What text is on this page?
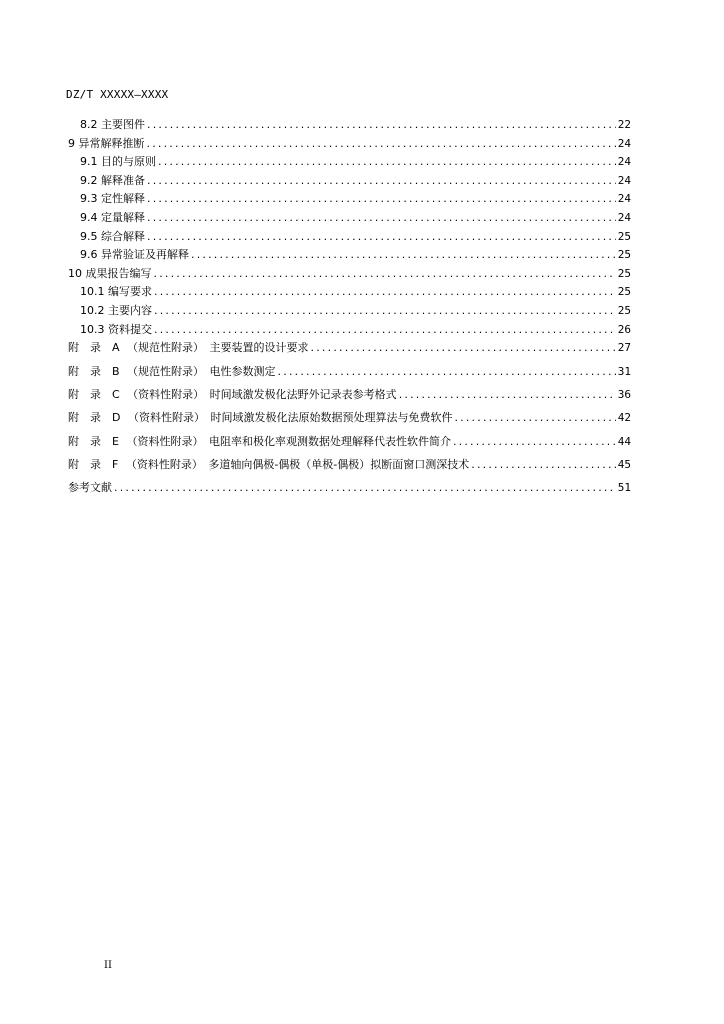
DZ/T XXXXX—XXXX
8.2 主要图件 .....	22
9 异常解释推断 .....	24
9.1 目的与原则 .....	24
9.2 解释准备 .....	24
9.3 定性解释 .....	24
9.4 定量解释 .....	24
9.5 综合解释 .....	25
9.6 异常验证及再解释 .....	25
10 成果报告编写 .....	25
10.1 编写要求 .....	25
10.2 主要内容 .....	25
10.3 资料提交 .....	26
附　录　A （规范性附录）　主要装置的设计要求 .....	27
附　录　B （规范性附录）　电性参数测定 .....	31
附　录　C （资料性附录）　时间域激发极化法野外记录表参考格式 .....	36
附　录　D （资料性附录）　时间域激发极化法原始数据预处理算法与免费软件 .....	42
附　录　E （资料性附录）　电阻率和极化率观测数据处理解释代表性软件简介 .....	44
附　录　F （资料性附录）　多道轴向偶极-偶极（单极-偶极）拟断面窗口测深技术 .....	45
参考文献 .....	51
II
